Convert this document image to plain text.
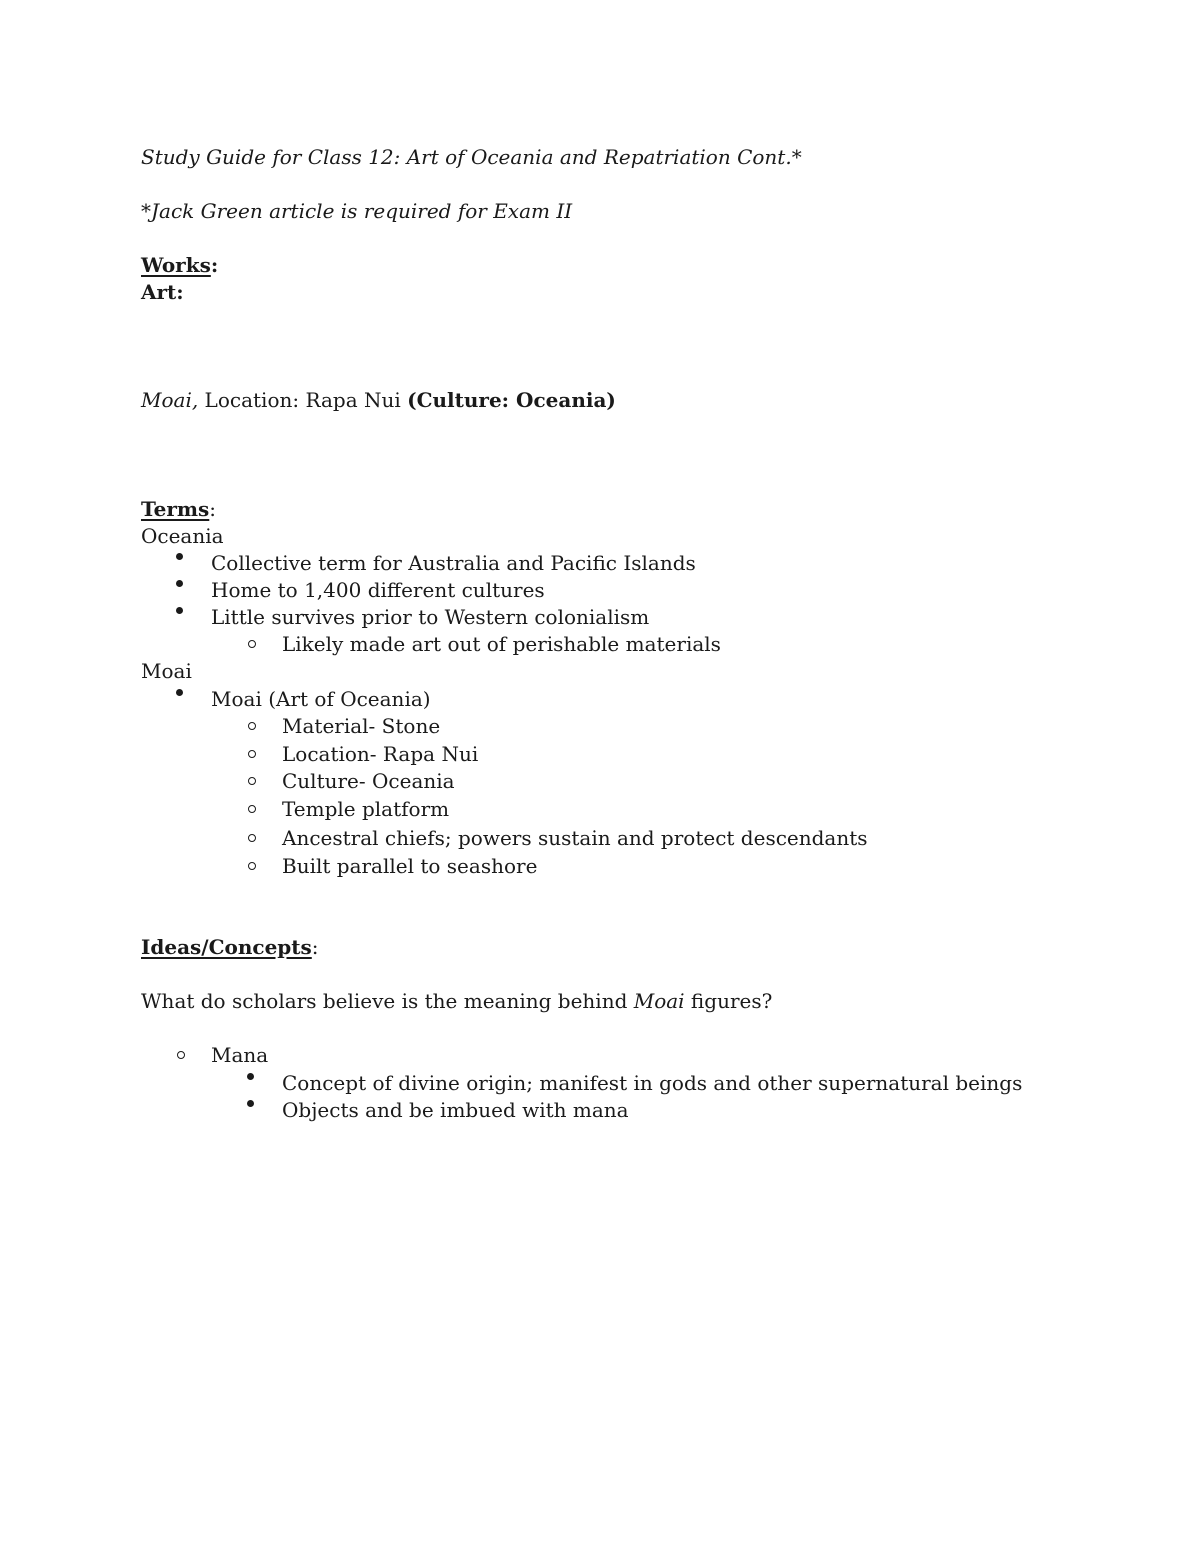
Study Guide for Class 12: Art of Oceania and Repatriation Cont.*
*Jack Green article is required for Exam II
Works:
Art:
Moai, Location: Rapa Nui (Culture: Oceania)
Terms:
Oceania
Collective term for Australia and Pacific Islands
Home to 1,400 different cultures
Little survives prior to Western colonialism
Likely made art out of perishable materials
Moai
Moai (Art of Oceania)
Material- Stone
Location- Rapa Nui
Culture- Oceania
Temple platform
Ancestral chiefs; powers sustain and protect descendants
Built parallel to seashore
Ideas/Concepts:
What do scholars believe is the meaning behind Moai figures?
Mana
Concept of divine origin; manifest in gods and other supernatural beings
Objects and be imbued with mana
